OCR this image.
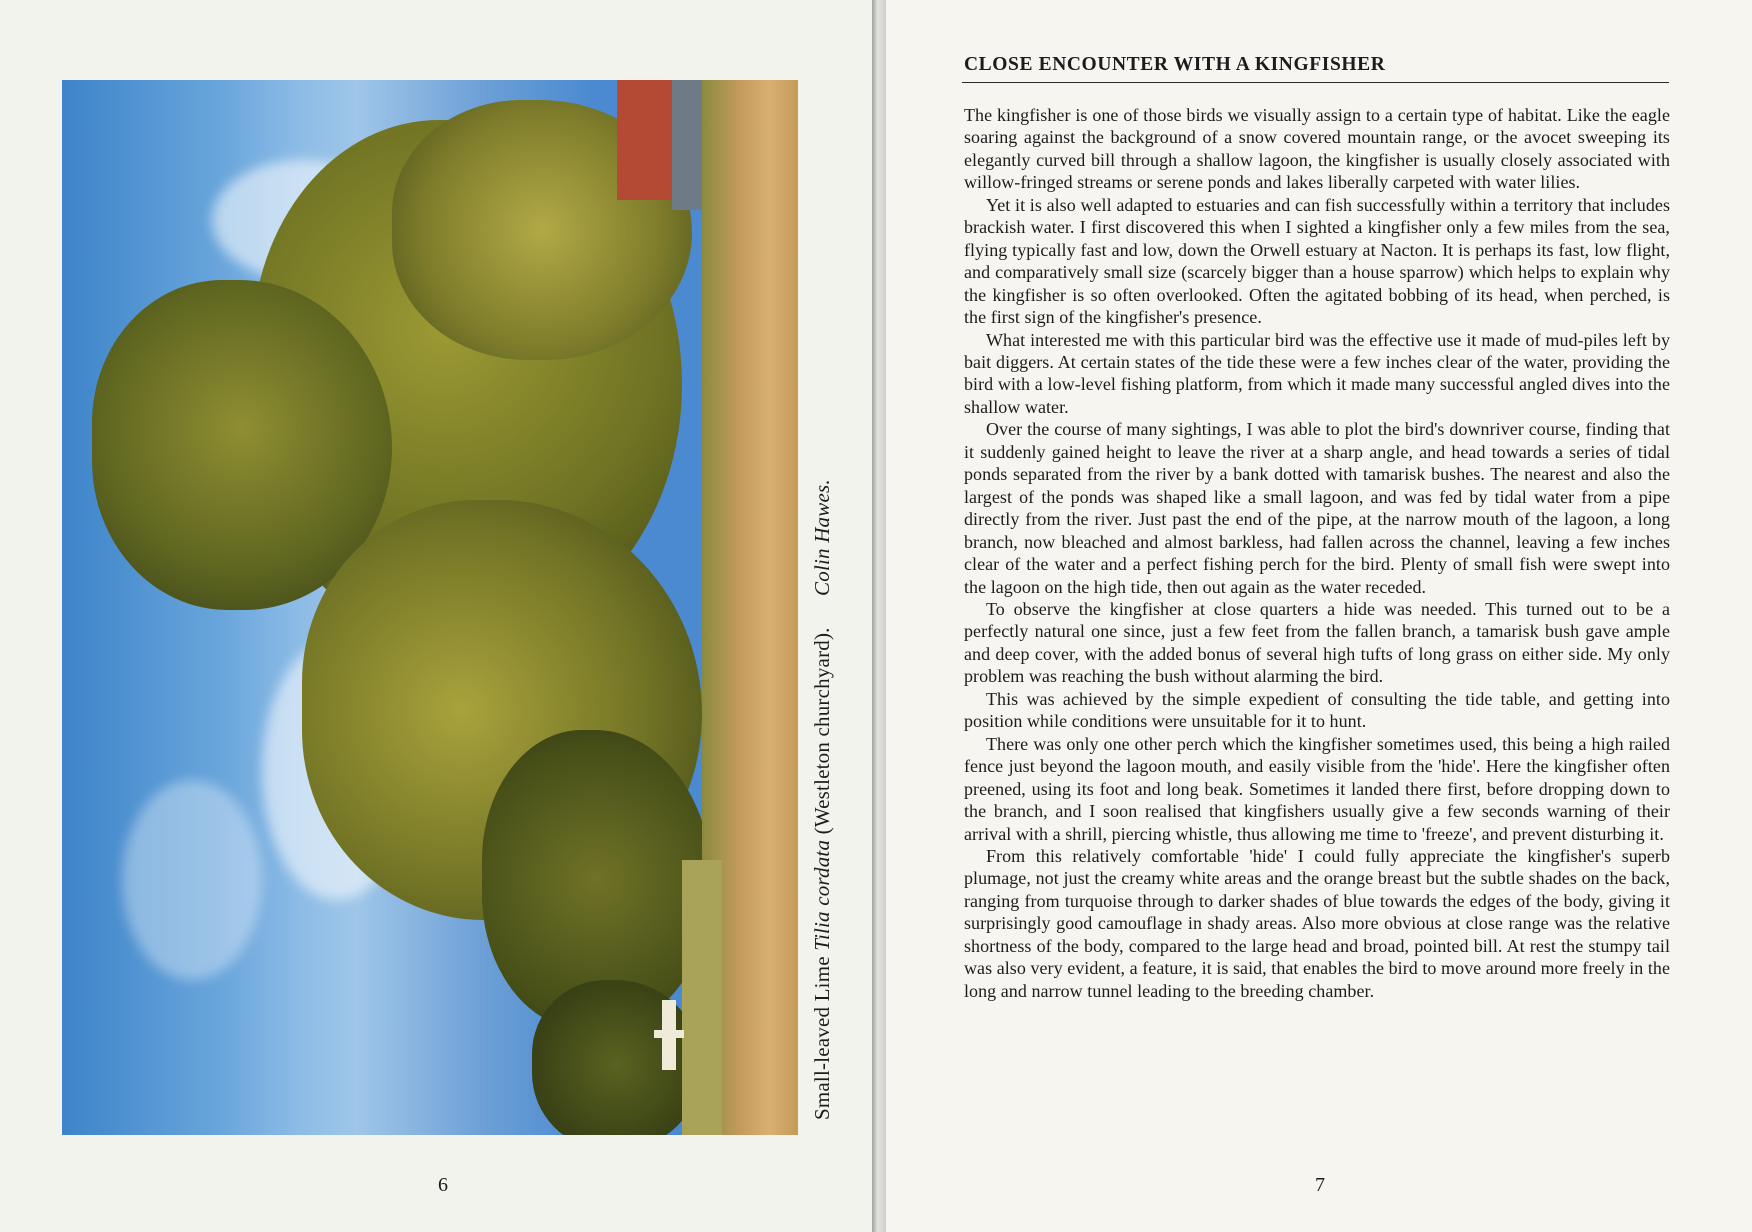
Small-leaved Lime Tilia cordata (Westleton churchyard). Colin Hawes.
6
CLOSE ENCOUNTER WITH A KINGFISHER

The kingfisher is one of those birds we visually assign to a certain type of habitat. Like the eagle soaring against the background of a snow covered mountain range, or the avocet sweeping its elegantly curved bill through a shallow lagoon, the kingfisher is usually closely associated with willow-fringed streams or serene ponds and lakes liberally carpeted with water lilies.

Yet it is also well adapted to estuaries and can fish successfully within a territory that includes brackish water. I first discovered this when I sighted a kingfisher only a few miles from the sea, flying typically fast and low, down the Orwell estuary at Nacton. It is perhaps its fast, low flight, and comparatively small size (scarcely bigger than a house sparrow) which helps to explain why the kingfisher is so often overlooked. Often the agitated bobbing of its head, when perched, is the first sign of the kingfisher's presence.

What interested me with this particular bird was the effective use it made of mud-piles left by bait diggers. At certain states of the tide these were a few inches clear of the water, providing the bird with a low-level fishing platform, from which it made many successful angled dives into the shallow water.

Over the course of many sightings, I was able to plot the bird's downriver course, finding that it suddenly gained height to leave the river at a sharp angle, and head towards a series of tidal ponds separated from the river by a bank dotted with tamarisk bushes. The nearest and also the largest of the ponds was shaped like a small lagoon, and was fed by tidal water from a pipe directly from the river. Just past the end of the pipe, at the narrow mouth of the lagoon, a long branch, now bleached and almost barkless, had fallen across the channel, leaving a few inches clear of the water and a perfect fishing perch for the bird. Plenty of small fish were swept into the lagoon on the high tide, then out again as the water receded.

To observe the kingfisher at close quarters a hide was needed. This turned out to be a perfectly natural one since, just a few feet from the fallen branch, a tamarisk bush gave ample and deep cover, with the added bonus of several high tufts of long grass on either side. My only problem was reaching the bush without alarming the bird.

This was achieved by the simple expedient of consulting the tide table, and getting into position while conditions were unsuitable for it to hunt.

There was only one other perch which the kingfisher sometimes used, this being a high railed fence just beyond the lagoon mouth, and easily visible from the 'hide'. Here the kingfisher often preened, using its foot and long beak. Sometimes it landed there first, before dropping down to the branch, and I soon realised that kingfishers usually give a few seconds warning of their arrival with a shrill, piercing whistle, thus allowing me time to 'freeze', and prevent disturbing it.

From this relatively comfortable 'hide' I could fully appreciate the kingfisher's superb plumage, not just the creamy white areas and the orange breast but the subtle shades on the back, ranging from turquoise through to darker shades of blue towards the edges of the body, giving it surprisingly good camouflage in shady areas. Also more obvious at close range was the relative shortness of the body, compared to the large head and broad, pointed bill. At rest the stumpy tail was also very evident, a feature, it is said, that enables the bird to move around more freely in the long and narrow tunnel leading to the breeding chamber.

7
